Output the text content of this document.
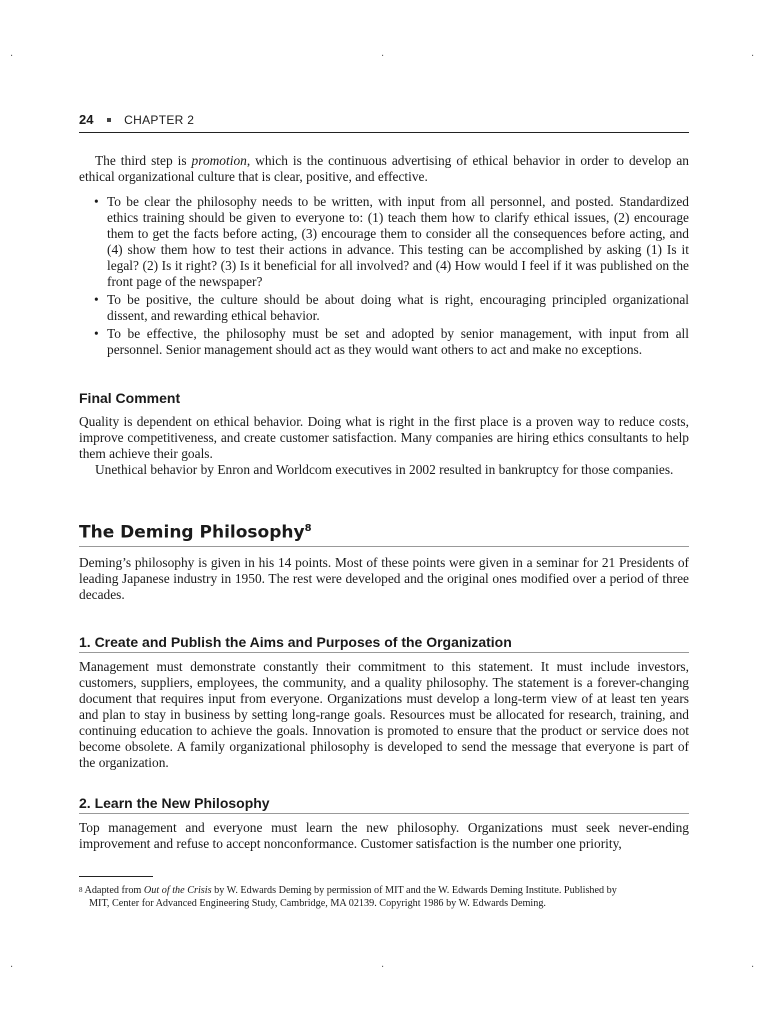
·	·	·
·	·	·
24	CHAPTER 2

The third step is promotion, which is the continuous advertising of ethical behavior in order to develop an ethical organizational culture that is clear, positive, and effective.

• To be clear the philosophy needs to be written, with input from all personnel, and posted. Standardized ethics training should be given to everyone to: (1) teach them how to clarify ethical issues, (2) encourage them to get the facts before acting, (3) encourage them to consider all the consequences before acting, and (4) show them how to test their actions in advance. This testing can be accomplished by asking (1) Is it legal? (2) Is it right? (3) Is it beneficial for all involved? and (4) How would I feel if it was published on the front page of the newspaper?
• To be positive, the culture should be about doing what is right, encouraging principled organizational dissent, and rewarding ethical behavior.
• To be effective, the philosophy must be set and adopted by senior management, with input from all personnel. Senior management should act as they would want others to act and make no exceptions.
Final Comment

Quality is dependent on ethical behavior. Doing what is right in the first place is a proven way to reduce costs, improve competitiveness, and create customer satisfaction. Many companies are hiring ethics consultants to help them achieve their goals.

Unethical behavior by Enron and Worldcom executives in 2002 resulted in bankruptcy for those companies.

The Deming Philosophy$^8$

Deming’s philosophy is given in his 14 points. Most of these points were given in a seminar for 21 Presidents of leading Japanese industry in 1950. The rest were developed and the original ones modified over a period of three decades.

1. Create and Publish the Aims and Purposes of the Organization

Management must demonstrate constantly their commitment to this statement. It must include investors, customers, suppliers, employees, the community, and a quality philosophy. The statement is a forever-changing document that requires input from everyone. Organizations must develop a long-term view of at least ten years and plan to stay in business by setting long-range goals. Resources must be allocated for research, training, and continuing education to achieve the goals. Innovation is promoted to ensure that the product or service does not become obsolete. A family organizational philosophy is developed to send the message that everyone is part of the organization.

2. Learn the New Philosophy

Top management and everyone must learn the new philosophy. Organizations must seek never-ending improvement and refuse to accept nonconformance. Customer satisfaction is the number one priority,

$^8$ Adapted from Out of the Crisis by W. Edwards Deming by permission of MIT and the W. Edwards Deming Institute. Published by
MIT, Center for Advanced Engineering Study, Cambridge, MA 02139. Copyright 1986 by W. Edwards Deming.
